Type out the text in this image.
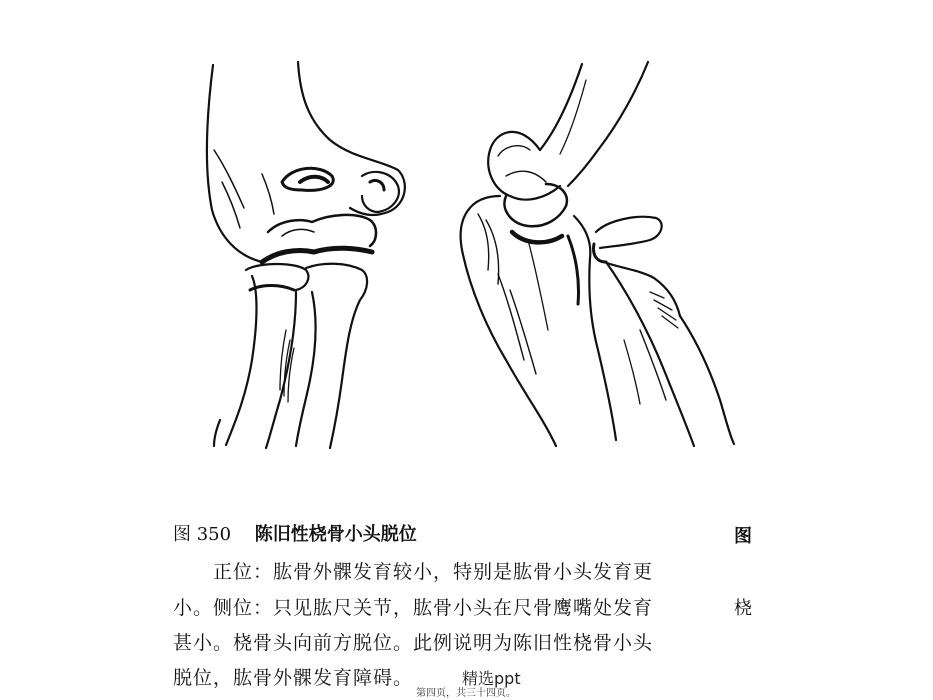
图 350 陈旧性桡骨小头脱位
正位：肱骨外髁发育较小，特别是肱骨小头发育更
小。侧位：只见肱尺关节，肱骨小头在尺骨鹰嘴处发育
甚小。桡骨头向前方脱位。此例说明为陈旧性桡骨小头
脱位，肱骨外髁发育障碍。	精选ppt
第四页，共三十四页。
图
桡
